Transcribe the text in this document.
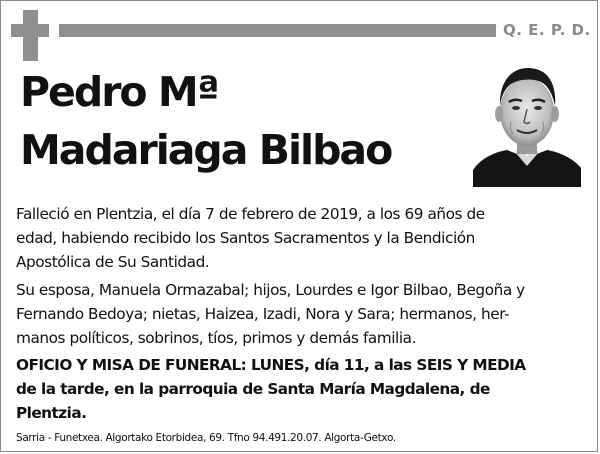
Q. E. P. D.
Pedro Mª
Madariaga Bilbao
Falleció en Plentzia, el día 7 de febrero de 2019, a los 69 años de
edad, habiendo recibido los Santos Sacramentos y la Bendición
Apostólica de Su Santidad.
Su esposa, Manuela Ormazabal; hijos, Lourdes e Igor Bilbao, Begoña y
Fernando Bedoya; nietas, Haizea, Izadi, Nora y Sara; hermanos, her-
manos políticos, sobrinos, tíos, primos y demás familia.
OFICIO Y MISA DE FUNERAL: LUNES, día 11, a las SEIS Y MEDIA
de la tarde, en la parroquia de Santa María Magdalena, de
Plentzia.
Sarria - Funetxea. Algortako Etorbidea, 69. Tfno 94.491.20.07. Algorta-Getxo.
